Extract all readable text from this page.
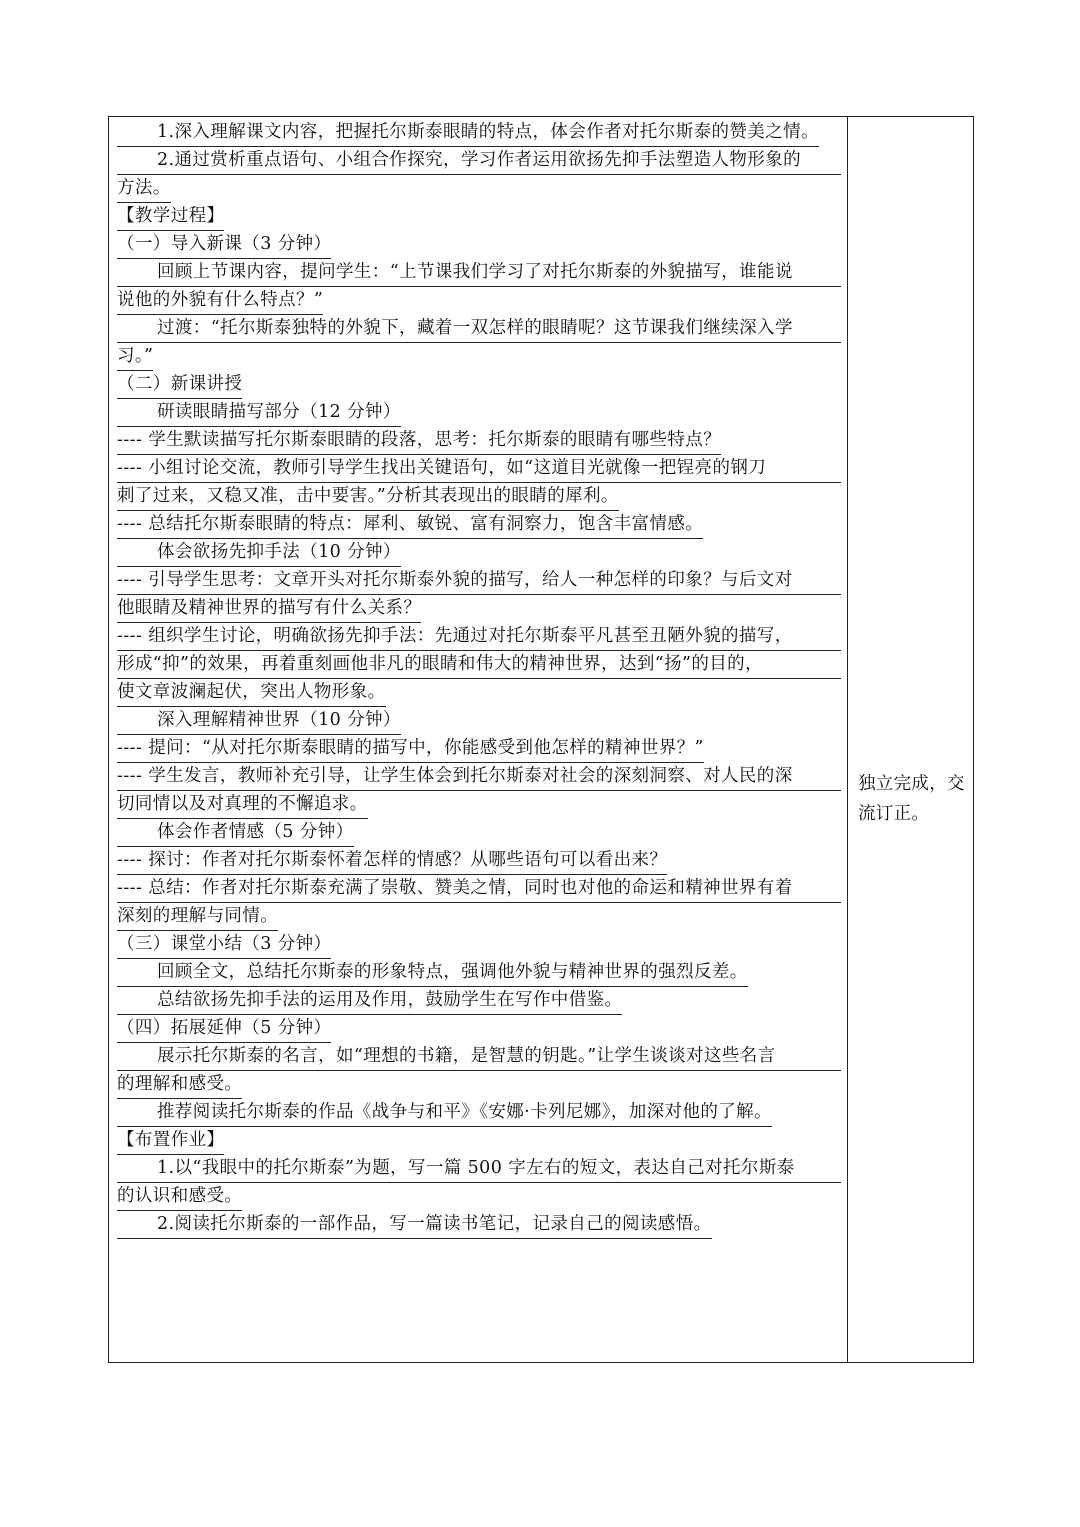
1.深入理解课文内容，把握托尔斯泰眼睛的特点，体会作者对托尔斯泰的赞美之情。
2.通过赏析重点语句、小组合作探究，学习作者运用欲扬先抑手法塑造人物形象的
方法。
【教学过程】
（一）导入新课（3 分钟）
回顾上节课内容，提问学生：“上节课我们学习了对托尔斯泰的外貌描写，谁能说
说他的外貌有什么特点？”
过渡：“托尔斯泰独特的外貌下，藏着一双怎样的眼睛呢？这节课我们继续深入学
习。”
（二）新课讲授
研读眼睛描写部分（12 分钟）
---- 学生默读描写托尔斯泰眼睛的段落，思考：托尔斯泰的眼睛有哪些特点？
---- 小组讨论交流，教师引导学生找出关键语句，如“这道目光就像一把锃亮的钢刀
刺了过来，又稳又准，击中要害。”分析其表现出的眼睛的犀利。
---- 总结托尔斯泰眼睛的特点：犀利、敏锐、富有洞察力，饱含丰富情感。
体会欲扬先抑手法（10 分钟）
---- 引导学生思考：文章开头对托尔斯泰外貌的描写，给人一种怎样的印象？与后文对
他眼睛及精神世界的描写有什么关系？
---- 组织学生讨论，明确欲扬先抑手法：先通过对托尔斯泰平凡甚至丑陋外貌的描写，
形成“抑”的效果，再着重刻画他非凡的眼睛和伟大的精神世界，达到“扬”的目的，
使文章波澜起伏，突出人物形象。
深入理解精神世界（10 分钟）
---- 提问：“从对托尔斯泰眼睛的描写中，你能感受到他怎样的精神世界？”
---- 学生发言，教师补充引导，让学生体会到托尔斯泰对社会的深刻洞察、对人民的深
切同情以及对真理的不懈追求。
体会作者情感（5 分钟）
---- 探讨：作者对托尔斯泰怀着怎样的情感？从哪些语句可以看出来？
---- 总结：作者对托尔斯泰充满了崇敬、赞美之情，同时也对他的命运和精神世界有着
深刻的理解与同情。
（三）课堂小结（3 分钟）
回顾全文，总结托尔斯泰的形象特点，强调他外貌与精神世界的强烈反差。
总结欲扬先抑手法的运用及作用，鼓励学生在写作中借鉴。
（四）拓展延伸（5 分钟）
展示托尔斯泰的名言，如“理想的书籍，是智慧的钥匙。”让学生谈谈对这些名言
的理解和感受。
推荐阅读托尔斯泰的作品《战争与和平》《安娜·卡列尼娜》，加深对他的了解。
【布置作业】
1.以“我眼中的托尔斯泰”为题，写一篇 500 字左右的短文，表达自己对托尔斯泰
的认识和感受。
2.阅读托尔斯泰的一部作品，写一篇读书笔记，记录自己的阅读感悟。
独立完成，交流订正。
